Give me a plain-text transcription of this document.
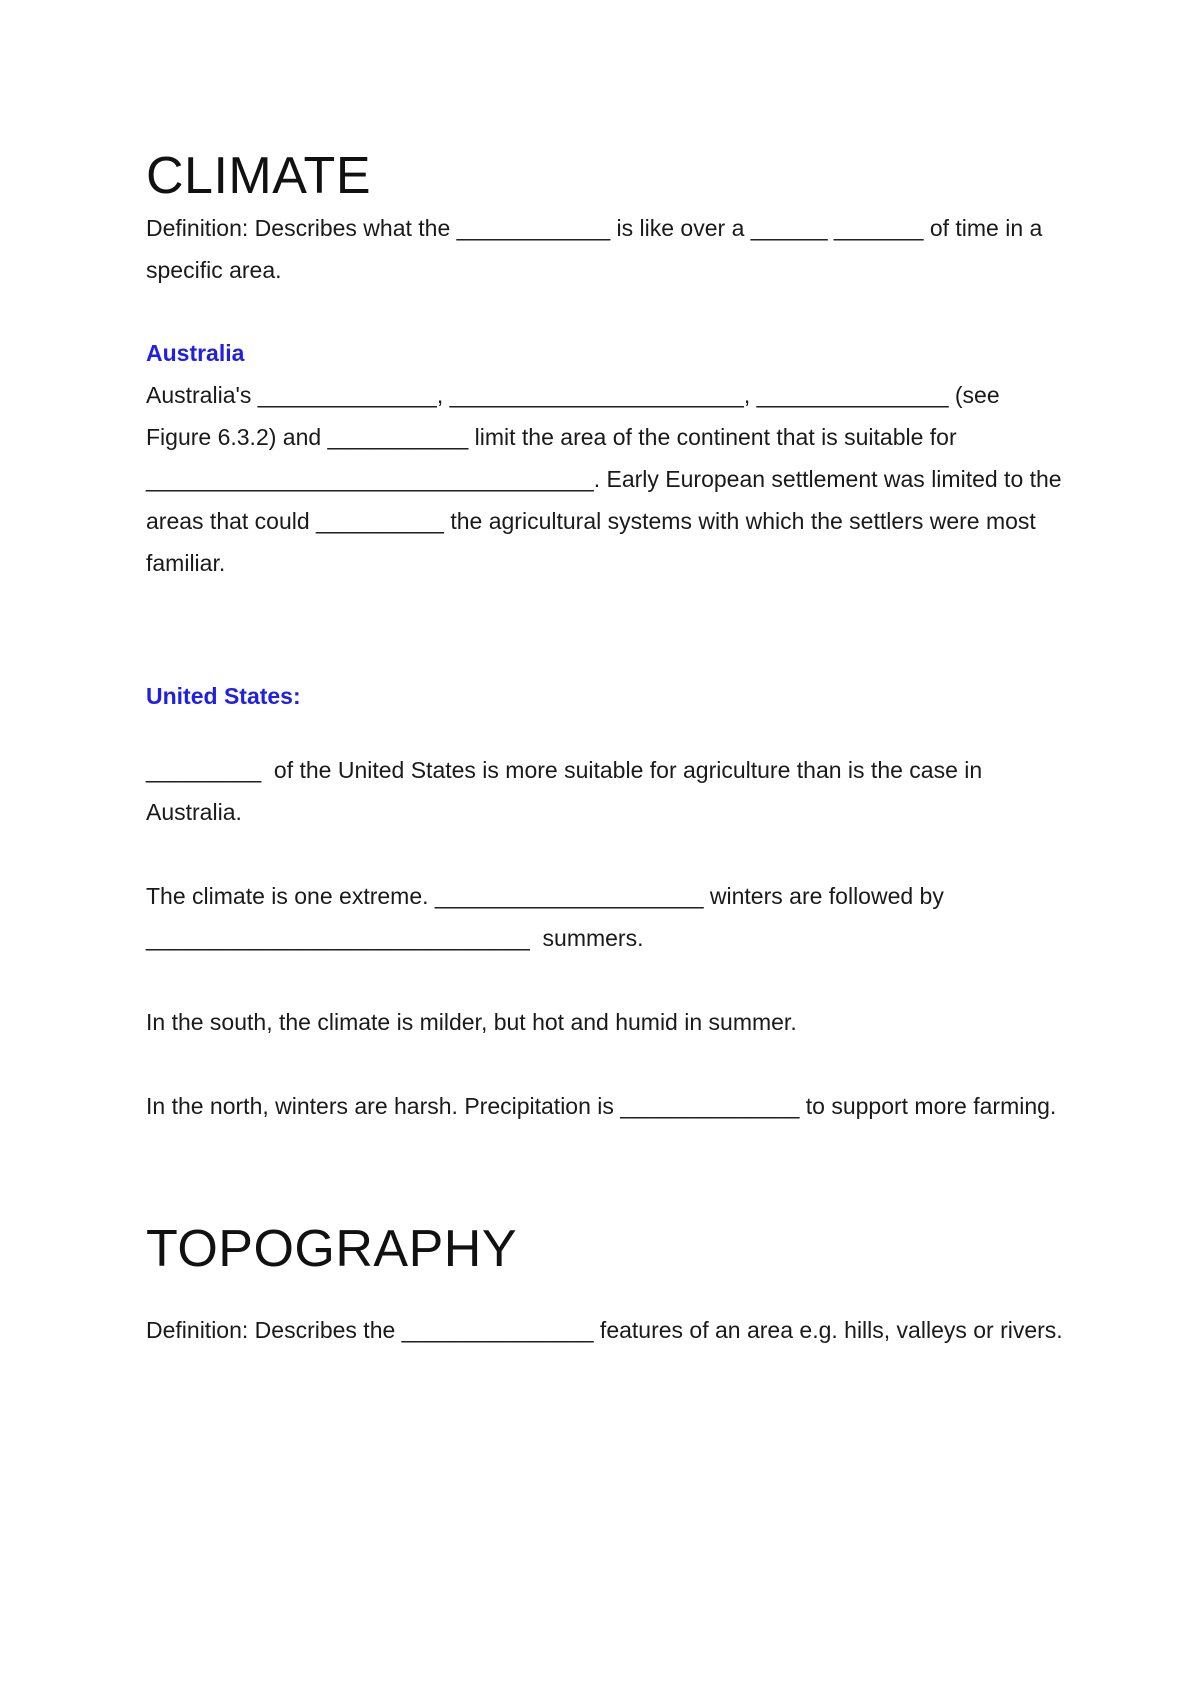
CLIMATE

Definition: Describes what the ____________ is like over a ______ _______ of time in a specific area.

Australia

Australia's ______________, _______________________, _______________ (see Figure 6.3.2) and ___________ limit the area of the continent that is suitable for ___________________________________. Early European settlement was limited to the areas that could __________ the agricultural systems with which the settlers were most familiar.

United States:

_________  of the United States is more suitable for agriculture than is the case in Australia.

The climate is one extreme. _____________________ winters are followed by ______________________________  summers.

In the south, the climate is milder, but hot and humid in summer.

In the north, winters are harsh. Precipitation is ______________ to support more farming.

TOPOGRAPHY

Definition: Describes the _______________ features of an area e.g. hills, valleys or rivers.
